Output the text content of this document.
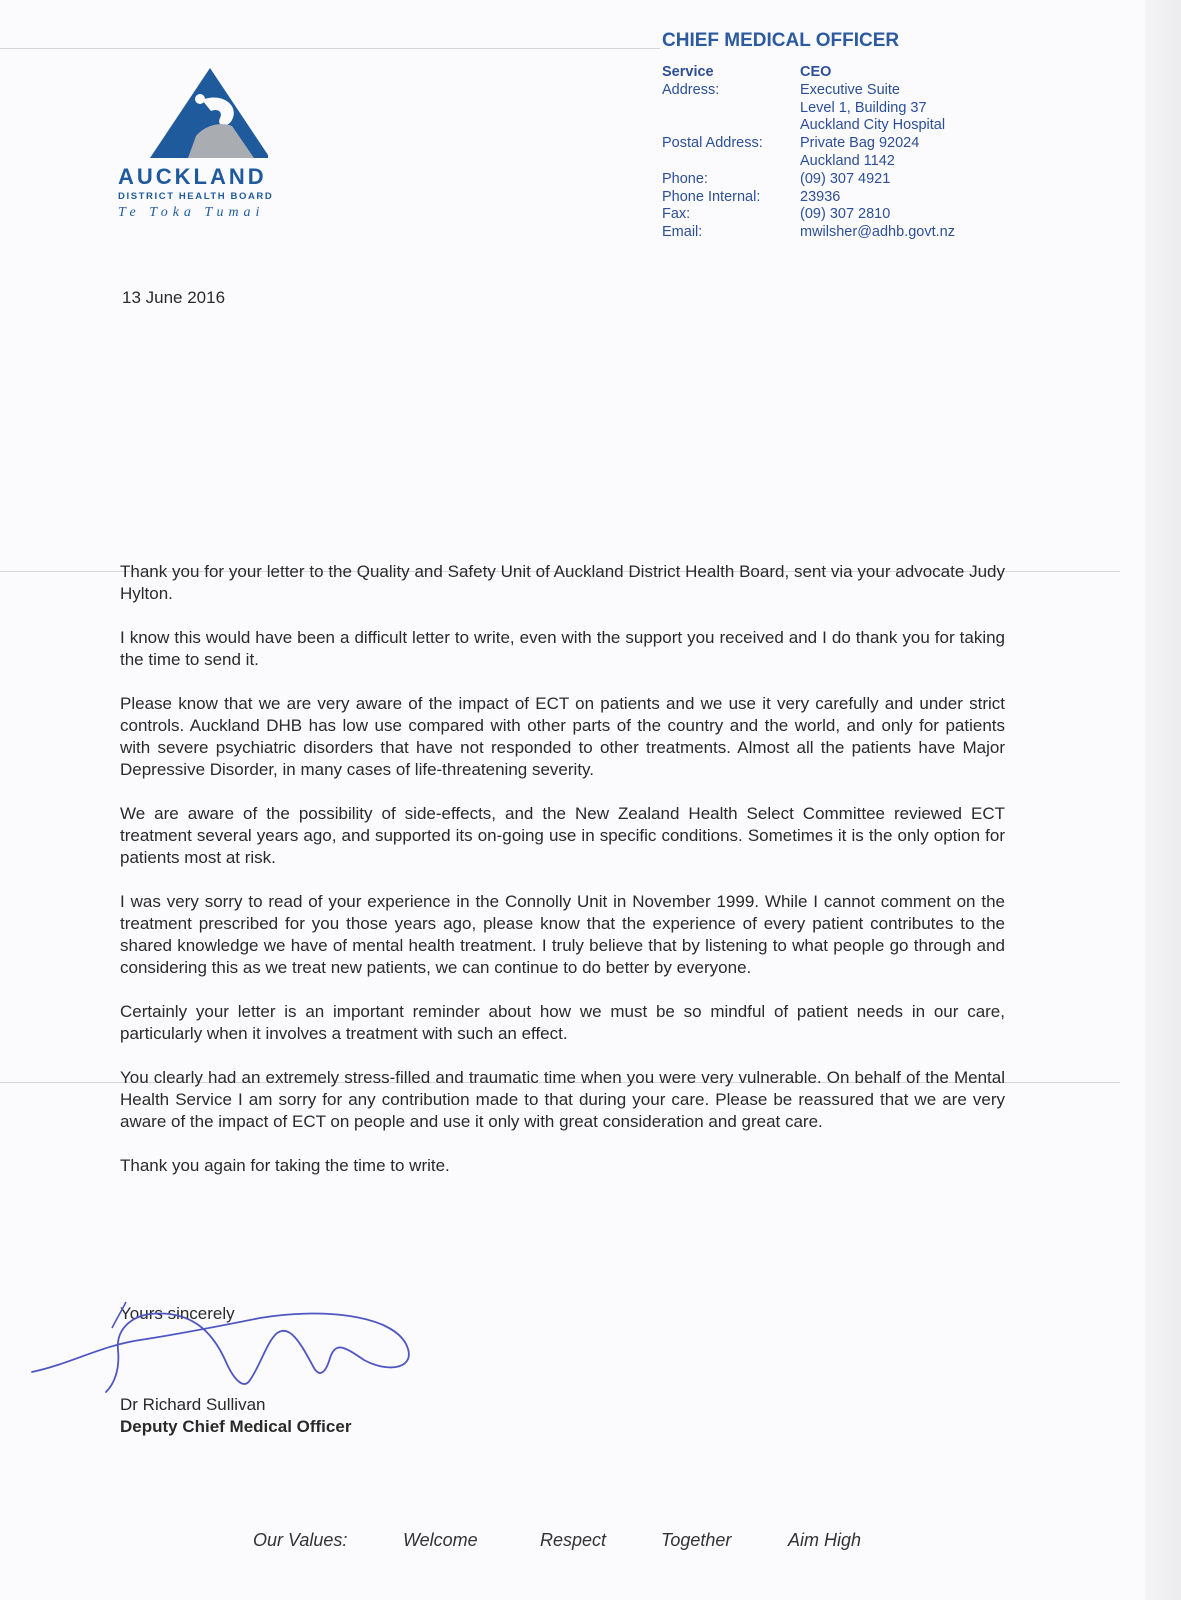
AUCKLAND
DISTRICT HEALTH BOARD
Te Toka Tumai
CHIEF MEDICAL OFFICER
Service	CEO
Address:	Executive Suite
Level 1, Building 37
Auckland City Hospital
Postal Address:	Private Bag 92024
Auckland 1142
Phone:	(09) 307 4921
Phone Internal:	23936
Fax:	(09) 307 2810
Email:	mwilsher@adhb.govt.nz
13 June 2016

Thank you for your letter to the Quality and Safety Unit of Auckland District Health Board, sent via your advocate Judy Hylton.

I know this would have been a difficult letter to write, even with the support you received and I do thank you for taking the time to send it.

Please know that we are very aware of the impact of ECT on patients and we use it very carefully and under strict controls. Auckland DHB has low use compared with other parts of the country and the world, and only for patients with severe psychiatric disorders that have not responded to other treatments. Almost all the patients have Major Depressive Disorder, in many cases of life-threatening severity.

We are aware of the possibility of side-effects, and the New Zealand Health Select Committee reviewed ECT treatment several years ago, and supported its on-going use in specific conditions. Sometimes it is the only option for patients most at risk.

I was very sorry to read of your experience in the Connolly Unit in November 1999. While I cannot comment on the treatment prescribed for you those years ago, please know that the experience of every patient contributes to the shared knowledge we have of mental health treatment. I truly believe that by listening to what people go through and considering this as we treat new patients, we can continue to do better by everyone.

Certainly your letter is an important reminder about how we must be so mindful of patient needs in our care, particularly when it involves a treatment with such an effect.

You clearly had an extremely stress-filled and traumatic time when you were very vulnerable. On behalf of the Mental Health Service I am sorry for any contribution made to that during your care. Please be reassured that we are very aware of the impact of ECT on people and use it only with great consideration and great care.

Thank you again for taking the time to write.

Yours sincerely
Dr Richard Sullivan
Deputy Chief Medical Officer
Our Values:	Welcome	Respect	Together	Aim High
